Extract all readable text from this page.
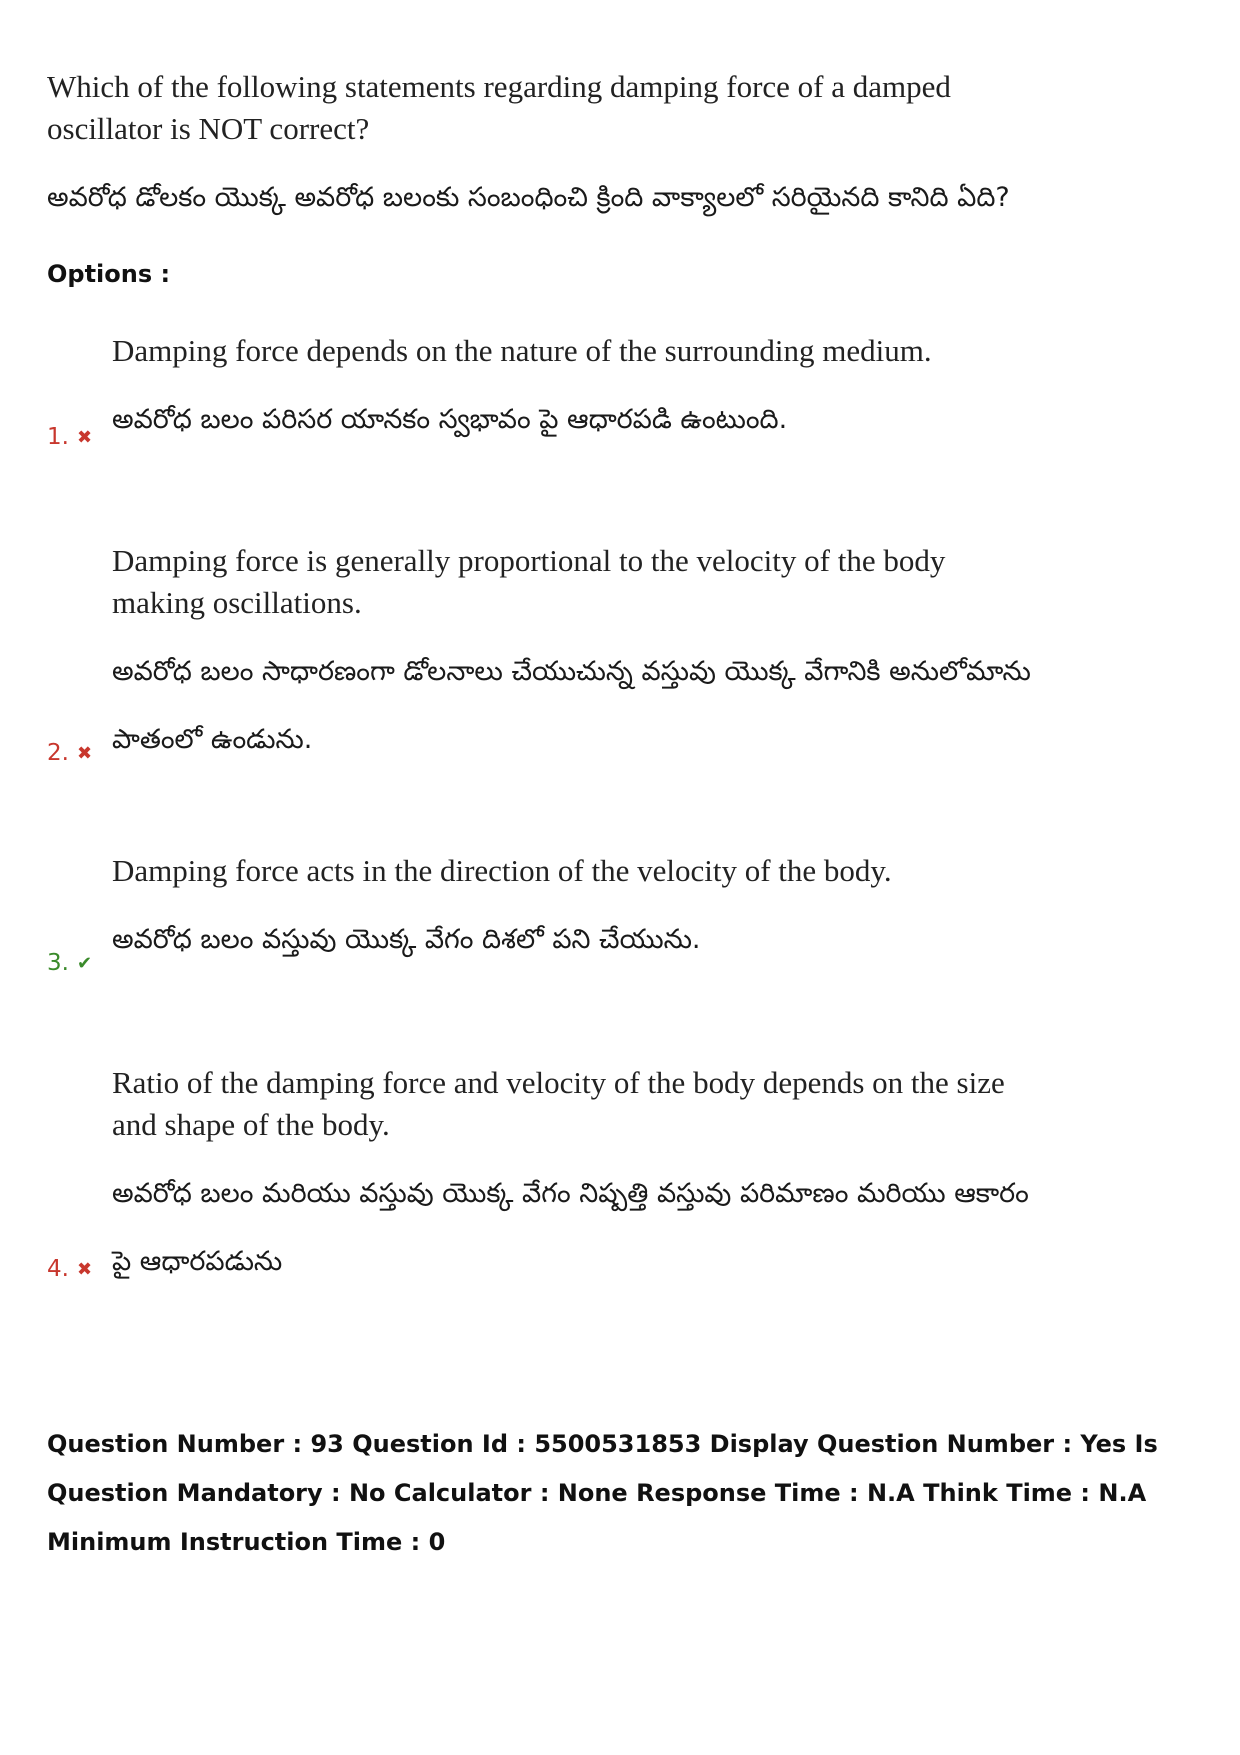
Which of the following statements regarding damping force of a damped oscillator is NOT correct?
అవరోధ డోలకం యొక్క అవరోధ బలంకు సంబంధించి క్రింది వాక్యాలలో సరియైనది కానిది ఏది?
Options :
Damping force depends on the nature of the surrounding medium.
అవరోధ బలం పరిసర యానకం స్వభావం పై ఆధారపడి ఉంటుంది.
1. ✖
Damping force is generally proportional to the velocity of the body making oscillations.
అవరోధ బలం సాధారణంగా డోలనాలు చేయుచున్న వస్తువు యొక్క వేగానికి అనులోమాను పాతంలో ఉండును.
2. ✖
Damping force acts in the direction of the velocity of the body.
అవరోధ బలం వస్తువు యొక్క వేగం దిశలో పని చేయును.
3. ✔
Ratio of the damping force and velocity of the body depends on the size and shape of the body.
అవరోధ బలం మరియు వస్తువు యొక్క వేగం నిష్పత్తి వస్తువు పరిమాణం మరియు ఆకారం పై ఆధారపడును
4. ✖
Question Number : 93 Question Id : 5500531853 Display Question Number : Yes Is Question Mandatory : No Calculator : None Response Time : N.A Think Time : N.A Minimum Instruction Time : 0
